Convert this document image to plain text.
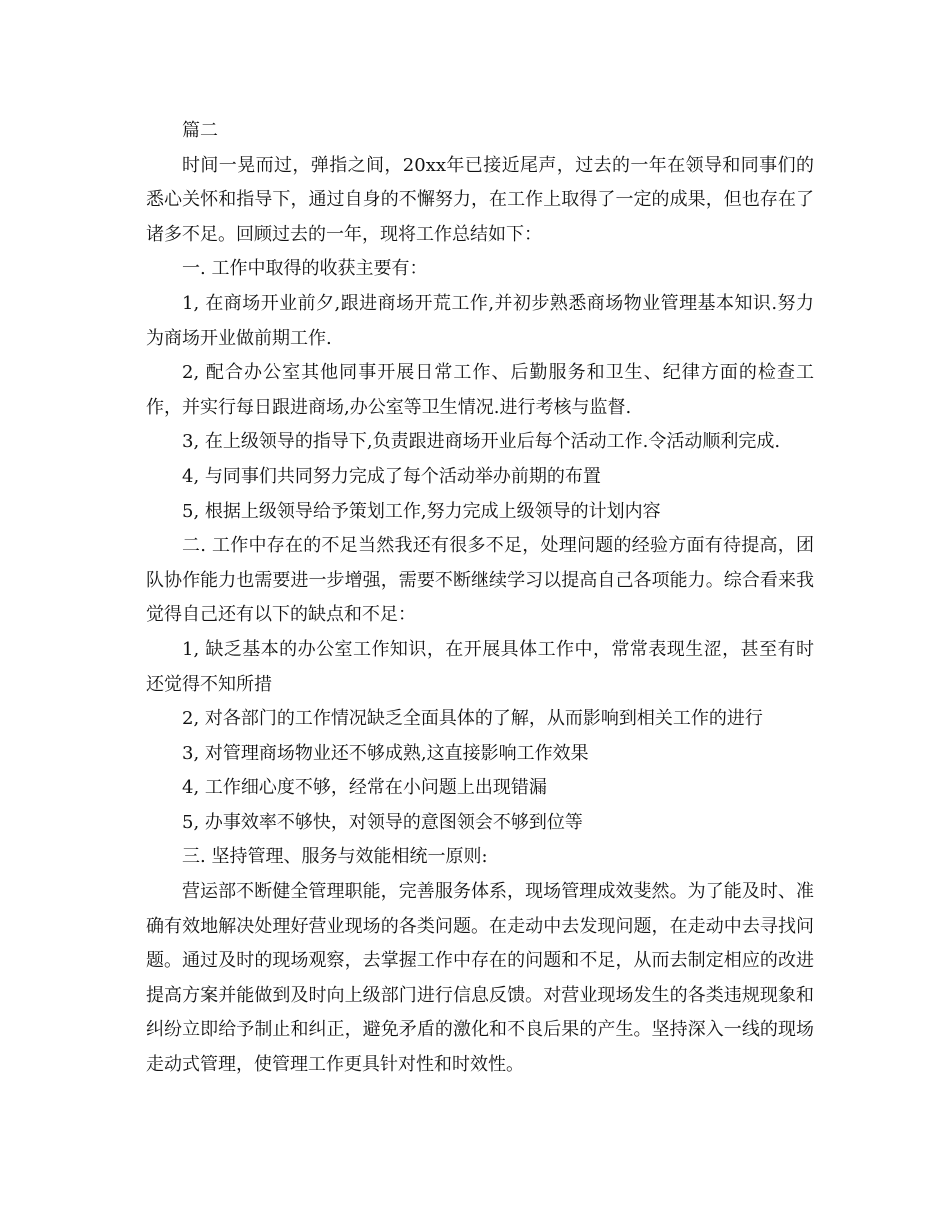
篇二

时间一晃而过，弹指之间，20xx年已接近尾声，过去的一年在领导和同事们的悉心关怀和指导下，通过自身的不懈努力，在工作上取得了一定的成果，但也存在了诸多不足。回顾过去的一年，现将工作总结如下：

一. 工作中取得的收获主要有：

1, 在商场开业前夕,跟进商场开荒工作,并初步熟悉商场物业管理基本知识.努力为商场开业做前期工作.

2, 配合办公室其他同事开展日常工作、后勤服务和卫生、纪律方面的检查工作，并实行每日跟进商场,办公室等卫生情况.进行考核与监督.

3, 在上级领导的指导下,负责跟进商场开业后每个活动工作.令活动顺利完成.

4, 与同事们共同努力完成了每个活动举办前期的布置

5, 根据上级领导给予策划工作,努力完成上级领导的计划内容

二. 工作中存在的不足当然我还有很多不足，处理问题的经验方面有待提高，团队协作能力也需要进一步增强，需要不断继续学习以提高自己各项能力。综合看来我觉得自己还有以下的缺点和不足：

1, 缺乏基本的办公室工作知识，在开展具体工作中，常常表现生涩，甚至有时还觉得不知所措

2, 对各部门的工作情况缺乏全面具体的了解，从而影响到相关工作的进行

3, 对管理商场物业还不够成熟,这直接影响工作效果

4, 工作细心度不够，经常在小问题上出现错漏

5, 办事效率不够快，对领导的意图领会不够到位等

三. 坚持管理、服务与效能相统一原则:

营运部不断健全管理职能，完善服务体系，现场管理成效斐然。为了能及时、准确有效地解决处理好营业现场的各类问题。在走动中去发现问题，在走动中去寻找问题。通过及时的现场观察，去掌握工作中存在的问题和不足，从而去制定相应的改进提高方案并能做到及时向上级部门进行信息反馈。对营业现场发生的各类违规现象和纠纷立即给予制止和纠正，避免矛盾的激化和不良后果的产生。坚持深入一线的现场走动式管理，使管理工作更具针对性和时效性。
